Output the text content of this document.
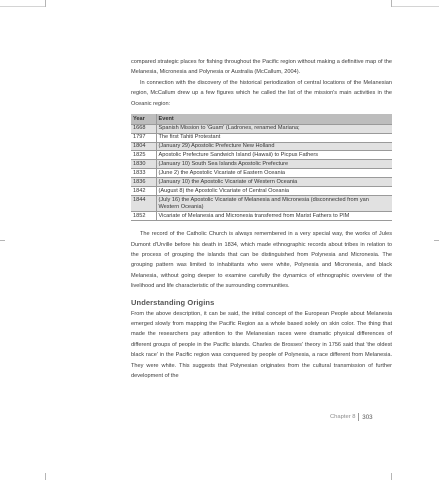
compared strategic places for fishing throughout the Pacific region without making a definitive map of the Melanesia, Micronesia and Polynesia or Australia (McCallum, 2004).

In connection with the discovery of the historical periodization of central locations of the Melanesian region, McCallum drew up a few figures which he called the list of the mission's main activities in the Oceanic region:

Year	Event
1668	Spanish Mission to 'Guam' (Ladrones, renamed Mariana;
1797	The first Tahiti Protestant
1804	(January 29) Apostolic Prefecture New Holland
1825	Apostolic Prefecture Sandwich Island (Hawaii) to Picpus Fathers
1830	(January 10) South Sea Islands Apostolic Prefecture
1833	(June 2) the Apostolic Vicariate of Eastern Oceania
1836	(January 10) the Apostolic Vicariate of Western Oceania
1842	(August 8) the Apostolic Vicariate of Central Oceania
1844	(July 16) the Apostolic Vicariate of Melanesia and Micronesia (disconnected from yan Western Oceania)
1852	Vicariate of Melanesia and Micronesia transferred from Marist Fathers to PIM

The record of the Catholic Church is always remembered in a very special way, the works of Jules Dumont d'Urville before his death in 1834, which made ethnographic records about tribes in relation to the process of grouping the islands that can be distinguished from Polynesia and Micronesia. The grouping pattern was limited to inhabitants who were white, Polynesia and Micronesia, and black Melanesia, without going deeper to examine carefully the dynamics of ethnographic overview of the livelihood and life characteristic of the surrounding communities.

Understanding Origins

From the above description, it can be said, the initial concept of the European People about Melanesia emerged slowly from mapping the Pacific Region as a whole based solely on skin color. The thing that made the researchers pay attention to the Melanesian races were dramatic physical differences of different groups of people in the Pacific islands. Charles de Brosses' theory in 1756 said that 'the oldest black race' in the Pacific region was conquered by people of Polynesia, a race different from Melanesia. They were white. This suggests that Polynesian originates from the cultural transmission of further development of the

Chapter 8 303
